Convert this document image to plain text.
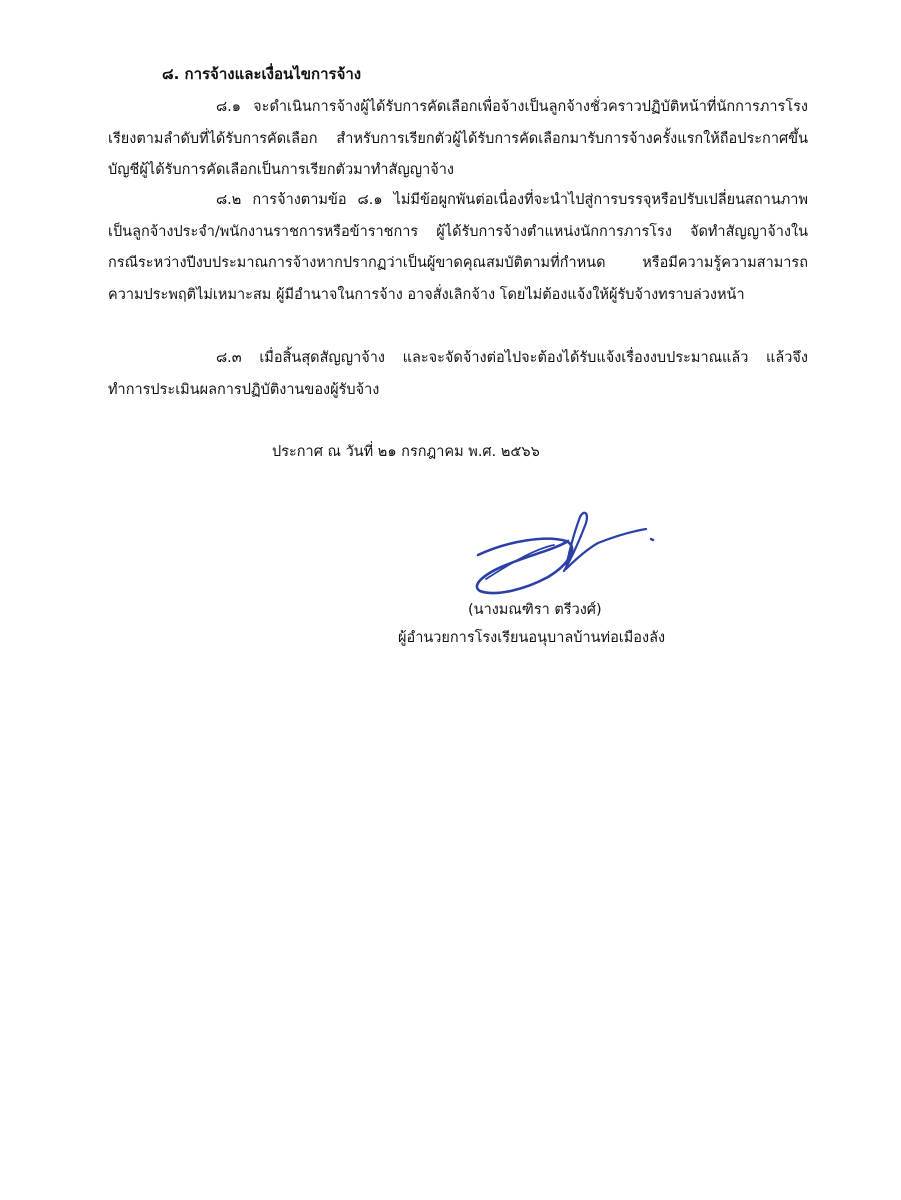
๘. การจ้างและเงื่อนไขการจ้าง
๘.๑ จะดำเนินการจ้างผู้ได้รับการคัดเลือกเพื่อจ้างเป็นลูกจ้างชั่วคราวปฏิบัติหน้าที่นักการภารโรง เรียงตามลำดับที่ได้รับการคัดเลือก สำหรับการเรียกตัวผู้ได้รับการคัดเลือกมารับการจ้างครั้งแรกให้ถือประกาศขึ้นบัญชีผู้ได้รับการคัดเลือกเป็นการเรียกตัวมาทำสัญญาจ้าง
๘.๒ การจ้างตามข้อ ๘.๑ ไม่มีข้อผูกพันต่อเนื่องที่จะนำไปสู่การบรรจุหรือปรับเปลี่ยนสถานภาพเป็นลูกจ้างประจำ/พนักงานราชการหรือข้าราชการ ผู้ได้รับการจ้างตำแหน่งนักการภารโรง จัดทำสัญญาจ้างในกรณีระหว่างปีงบประมาณการจ้างหากปรากฏว่าเป็นผู้ขาดคุณสมบัติตามที่กำหนด หรือมีความรู้ความสามารถความประพฤติไม่เหมาะสม ผู้มีอำนาจในการจ้าง อาจสั่งเลิกจ้าง โดยไม่ต้องแจ้งให้ผู้รับจ้างทราบล่วงหน้า
๘.๓ เมื่อสิ้นสุดสัญญาจ้าง และจะจัดจ้างต่อไปจะต้องได้รับแจ้งเรื่องงบประมาณแล้ว แล้วจึงทำการประเมินผลการปฏิบัติงานของผู้รับจ้าง
ประกาศ ณ วันที่ ๒๑ กรกฎาคม พ.ศ. ๒๕๖๖
(นางมณฑิรา ตรีวงศ์)
ผู้อำนวยการโรงเรียนอนุบาลบ้านท่อเมืองลัง
